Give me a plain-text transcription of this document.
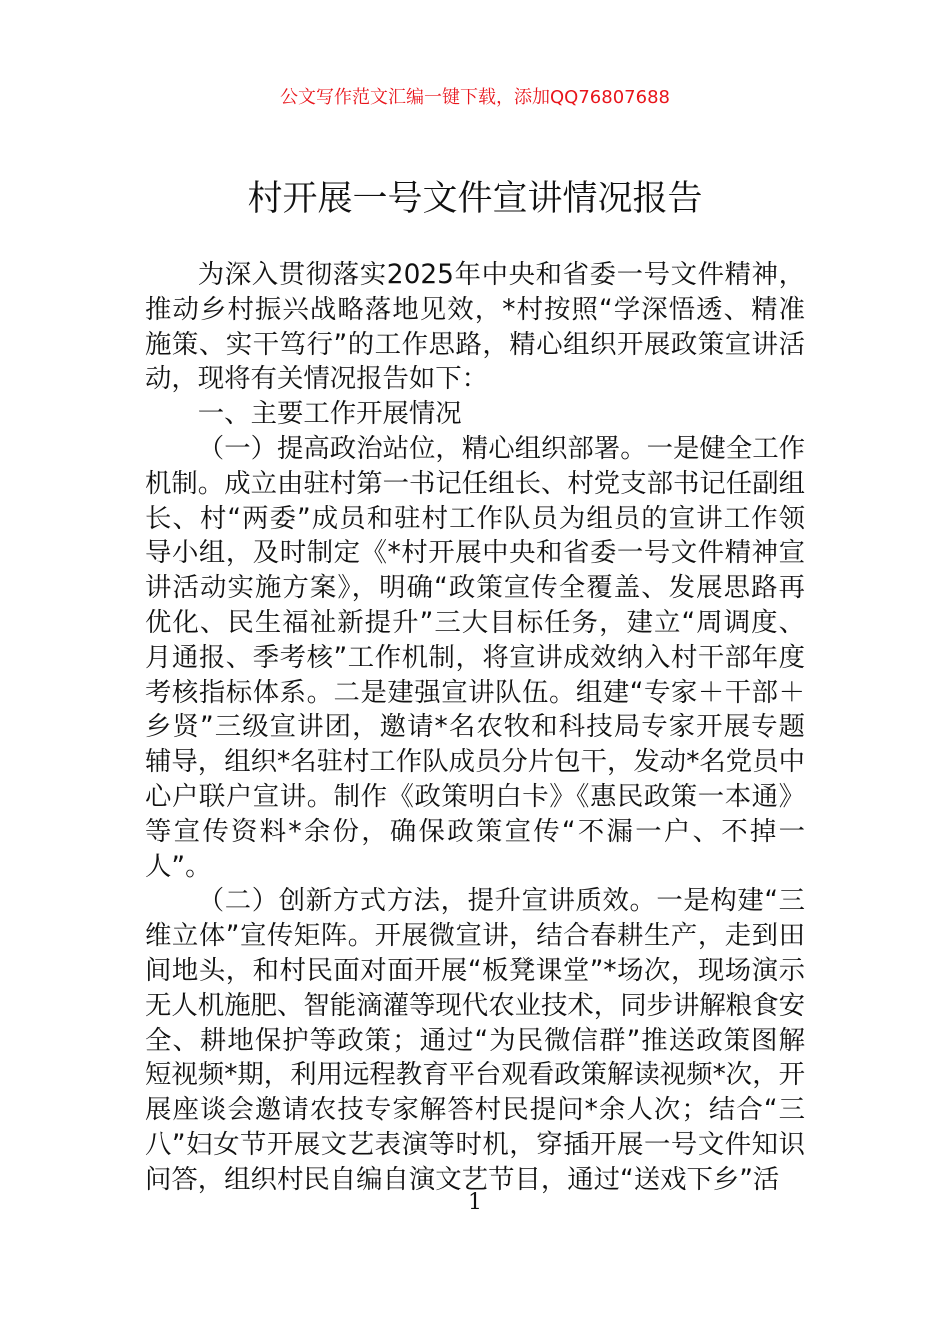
公文写作范文汇编一键下载，添加QQ76807688
村开展一号文件宣讲情况报告

为深入贯彻落实2025年中央和省委一号文件精神，推动乡村振兴战略落地见效，*村按照“学深悟透、精准施策、实干笃行”的工作思路，精心组织开展政策宣讲活动，现将有关情况报告如下：

一、主要工作开展情况

（一）提高政治站位，精心组织部署。一是健全工作机制。成立由驻村第一书记任组长、村党支部书记任副组长、村“两委”成员和驻村工作队员为组员的宣讲工作领导小组，及时制定《*村开展中央和省委一号文件精神宣讲活动实施方案》，明确“政策宣传全覆盖、发展思路再优化、民生福祉新提升”三大目标任务，建立“周调度、月通报、季考核”工作机制，将宣讲成效纳入村干部年度考核指标体系。二是建强宣讲队伍。组建“专家＋干部＋乡贤”三级宣讲团，邀请*名农牧和科技局专家开展专题辅导，组织*名驻村工作队成员分片包干，发动*名党员中心户联户宣讲。制作《政策明白卡》《惠民政策一本通》等宣传资料*余份，确保政策宣传“不漏一户、不掉一人”。

（二）创新方式方法，提升宣讲质效。一是构建“三维立体”宣传矩阵。开展微宣讲，结合春耕生产，走到田间地头，和村民面对面开展“板凳课堂”*场次，现场演示无人机施肥、智能滴灌等现代农业技术，同步讲解粮食安全、耕地保护等政策；通过“为民微信群”推送政策图解短视频*期，利用远程教育平台观看政策解读视频*次，开展座谈会邀请农技专家解答村民提问*余人次；结合“三八”妇女节开展文艺表演等时机，穿插开展一号文件知识问答，组织村民自编自演文艺节目，通过“送戏下乡”活

1
